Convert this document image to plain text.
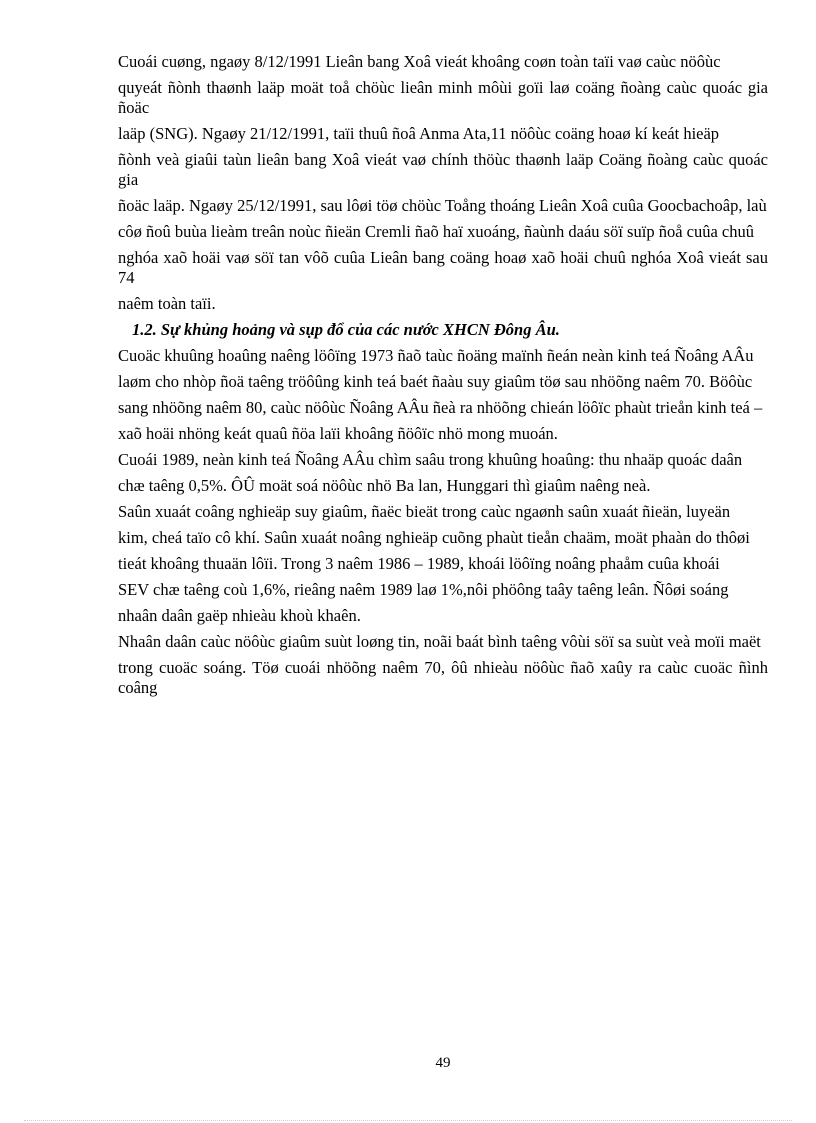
Cuoái cuøng, ngaøy 8/12/1991 Lieân bang Xoâ vieát khoâng coøn toàn taïi vaø caùc nöôùc

quyeát ñònh thaønh laäp moät toå chöùc lieân minh môùi goïi laø coäng ñoàng caùc quoác gia ñoäc

laäp (SNG). Ngaøy 21/12/1991, taïi thuû ñoâ Anma Ata,11 nöôùc coäng hoaø kí keát hieäp

ñònh veà giaûi taùn lieân bang Xoâ vieát vaø chính thöùc thaønh laäp Coäng ñoàng caùc quoác gia

ñoäc laäp. Ngaøy 25/12/1991, sau lôøi töø chöùc Toång thoáng Lieân Xoâ cuûa Goocbachoâp, laù

côø ñoû buùa lieàm treân noùc ñieän Cremli ñaõ haï xuoáng, ñaùnh daáu söï suïp ñoå cuûa chuû

nghóa xaõ hoäi vaø söï tan vôõ cuûa Lieân bang coäng hoaø xaõ hoäi chuû nghóa Xoâ vieát sau 74

naêm toàn taïi.

1.2. Sự khủng hoảng và sụp đổ của các nước XHCN Đông Âu.

Cuoäc khuûng hoaûng naêng löôïng 1973 ñaõ taùc ñoäng maïnh ñeán neàn kinh teá Ñoâng AÂu

laøm cho nhòp ñoä taêng tröôûng kinh teá baét ñaàu suy giaûm töø sau nhöõng naêm 70. Böôùc

sang nhöõng naêm 80, caùc nöôùc Ñoâng AÂu ñeà ra nhöõng chieán löôïc phaùt trieån kinh teá –

xaõ hoäi nhöng keát quaû ñöa laïi khoâng ñöôïc nhö mong muoán.

Cuoái 1989, neàn kinh teá Ñoâng AÂu chìm saâu trong khuûng hoaûng: thu nhaäp quoác daân

chæ taêng 0,5%. ÔÛ moät soá nöôùc nhö Ba lan, Hunggari thì giaûm naêng neà.

Saûn xuaát coâng nghieäp suy giaûm, ñaëc bieät trong caùc ngaønh saûn xuaát ñieän, luyeän

kim, cheá taïo cô khí. Saûn xuaát noâng nghieäp cuõng phaùt tieån chaäm, moät phaàn do thôøi

tieát khoâng thuaän lôïi. Trong 3 naêm 1986 – 1989, khoái löôïng noâng phaåm cuûa khoái

SEV chæ taêng coù 1,6%, rieâng naêm 1989 laø 1%,nôi phöông taây taêng leân. Ñôøi soáng

nhaân daân gaëp nhieàu khoù khaên.

Nhaân daân caùc nöôùc giaûm suùt loøng tin, noãi baát bình taêng vôùi söï sa suùt veà moïi maët

trong cuoäc soáng. Töø cuoái nhöõng naêm 70, ôû nhieàu nöôùc ñaõ xaûy ra caùc cuoäc ñình coâng

49
